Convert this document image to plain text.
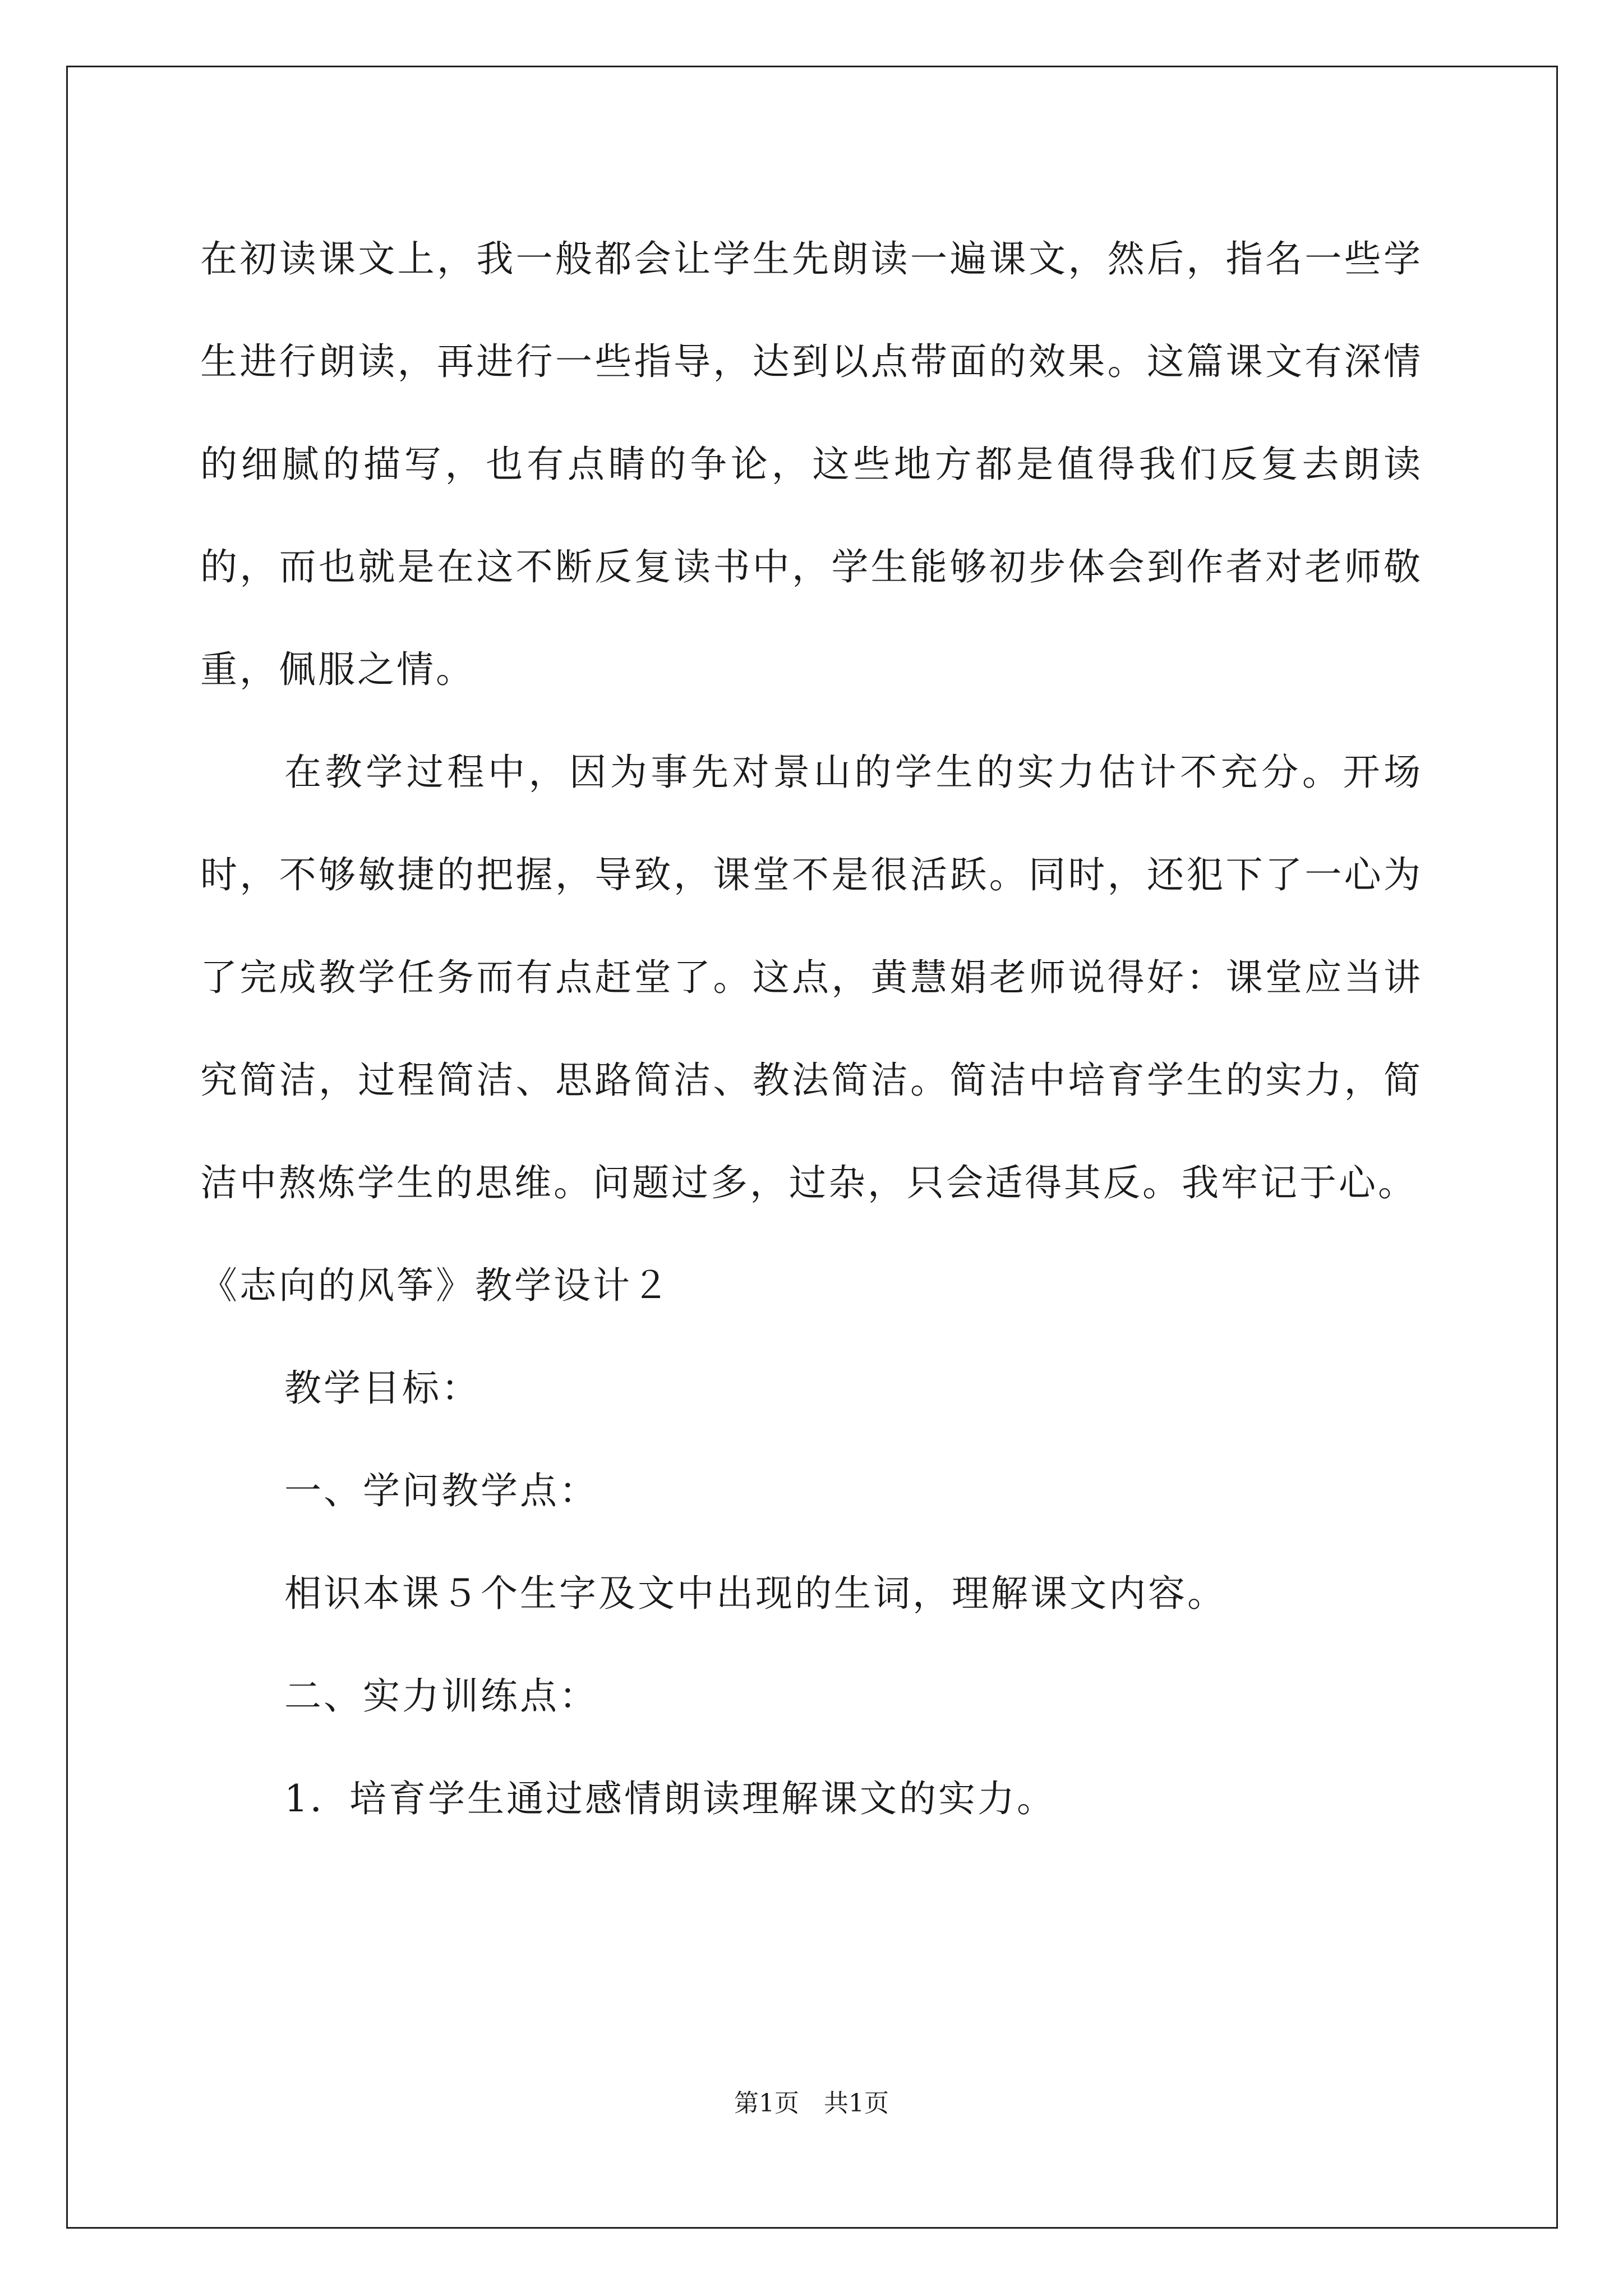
在初读课文上，我一般都会让学生先朗读一遍课文，然后，指名一些学生进行朗读，再进行一些指导，达到以点带面的效果。这篇课文有深情的细腻的描写，也有点睛的争论，这些地方都是值得我们反复去朗读的，而也就是在这不断反复读书中，学生能够初步体会到作者对老师敬重，佩服之情。

在教学过程中，因为事先对景山的学生的实力估计不充分。开场时，不够敏捷的把握，导致，课堂不是很活跃。同时，还犯下了一心为了完成教学任务而有点赶堂了。这点，黄慧娟老师说得好：课堂应当讲究简洁，过程简洁、思路简洁、教法简洁。简洁中培育学生的实力，简洁中熬炼学生的思维。问题过多，过杂，只会适得其反。我牢记于心。

《志向的风筝》教学设计２

教学目标：

一、学问教学点：

相识本课５个生字及文中出现的生词，理解课文内容。

二、实力训练点：

1．培育学生通过感情朗读理解课文的实力。

第1页　共1页
